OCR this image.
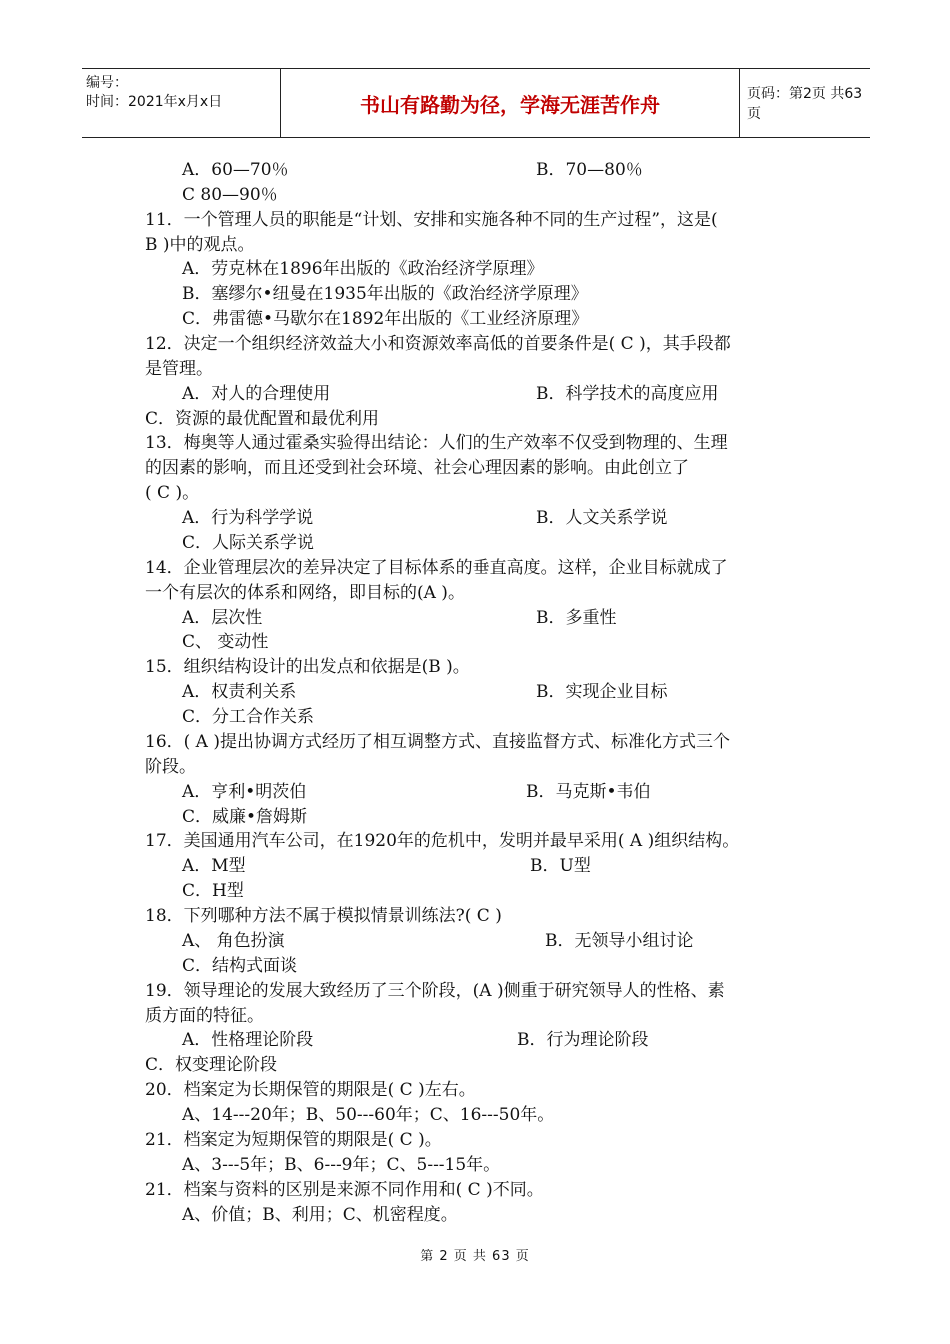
编号：
时间：2021年x月x日	书山有路勤为径，学海无涯苦作舟	页码：第2页 共63页
A．60—70％	B．70—80％
C 80—90％
11．一个管理人员的职能是“计划、安排和实施各种不同的生产过程”，这是(
B )中的观点。
A．劳克林在1896年出版的《政治经济学原理》
B．塞缪尔•纽曼在1935年出版的《政治经济学原理》
C．弗雷德•马歇尔在1892年出版的《工业经济原理》
12．决定一个组织经济效益大小和资源效率高低的首要条件是( C )，其手段都
是管理。
A．对人的合理使用	B．科学技术的高度应用
C．资源的最优配置和最优利用
13．梅奥等人通过霍桑实验得出结论：人们的生产效率不仅受到物理的、生理
的因素的影响，而且还受到社会环境、社会心理因素的影响。由此创立了
( C )。
A．行为科学学说	B．人文关系学说
C．人际关系学说
14．企业管理层次的差异决定了目标体系的垂直高度。这样，企业目标就成了
一个有层次的体系和网络，即目标的(A )。
A．层次性	B．多重性
C、 变动性
15．组织结构设计的出发点和依据是(B )。
A．权责利关系	B．实现企业目标
C．分工合作关系
16．( A )提出协调方式经历了相互调整方式、直接监督方式、标准化方式三个
阶段。
A．亨利•明茨伯	B．马克斯•韦伯
C．威廉•詹姆斯
17．美国通用汽车公司，在1920年的危机中，发明并最早采用( A )组织结构。
A．M型	B．U型
C．H型
18．下列哪种方法不属于模拟情景训练法?( C )
A、 角色扮演	B．无领导小组讨论
C．结构式面谈
19．领导理论的发展大致经历了三个阶段，(A )侧重于研究领导人的性格、素
质方面的特征。
A．性格理论阶段	B．行为理论阶段
C．权变理论阶段
20．档案定为长期保管的期限是( C )左右。
A、14---20年；B、50---60年；C、16---50年。
21．档案定为短期保管的期限是( C )。
A、3---5年；B、6---9年；C、5---15年。
21．档案与资料的区别是来源不同作用和( C )不同。
A、价值；B、利用；C、机密程度。
第 2 页 共 63 页
